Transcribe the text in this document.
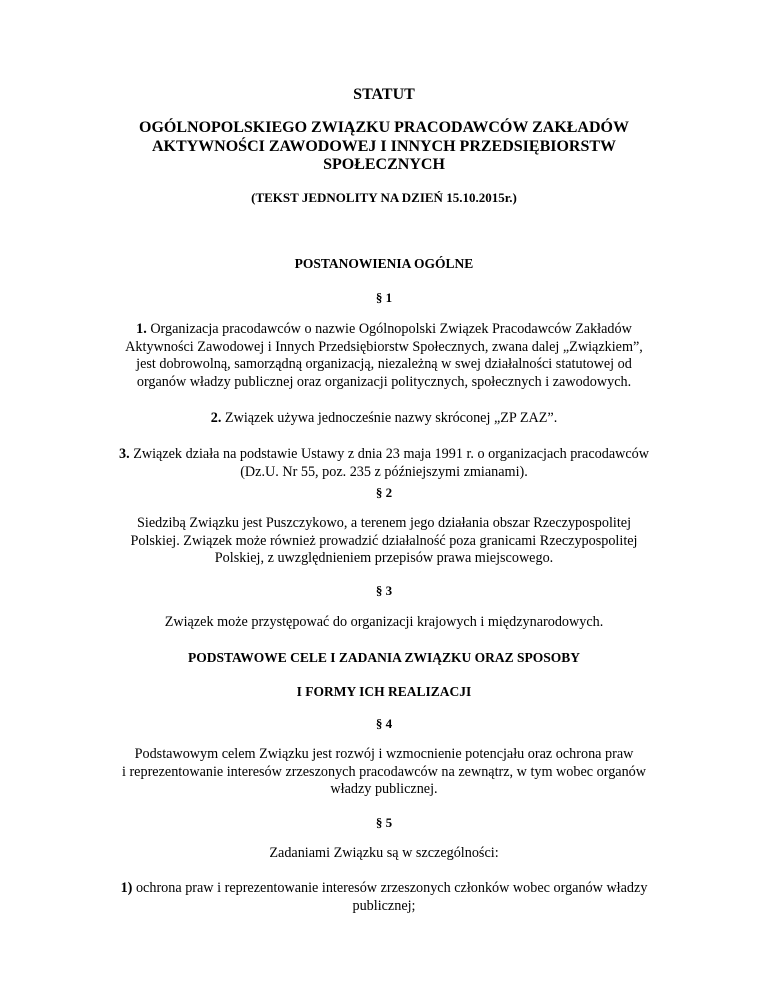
STATUT

OGÓLNOPOLSKIEGO ZWIĄZKU PRACODAWCÓW ZAKŁADÓW
AKTYWNOŚCI ZAWODOWEJ I INNYCH PRZEDSIĘBIORSTW
SPOŁECZNYCH

(TEKST JEDNOLITY NA DZIEŃ 15.10.2015r.)

POSTANOWIENIA OGÓLNE

§ 1

1. Organizacja pracodawców o nazwie Ogólnopolski Związek Pracodawców Zakładów
Aktywności Zawodowej i Innych Przedsiębiorstw Społecznych, zwana dalej „Związkiem”,
jest dobrowolną, samorządną organizacją, niezależną w swej działalności statutowej od
organów władzy publicznej oraz organizacji politycznych, społecznych i zawodowych.
2. Związek używa jednocześnie nazwy skróconej „ZP ZAZ”.
3. Związek działa na podstawie Ustawy z dnia 23 maja 1991 r. o organizacjach pracodawców
(Dz.U. Nr 55, poz. 235 z późniejszymi zmianami).

§ 2

Siedzibą Związku jest Puszczykowo, a terenem jego działania obszar Rzeczypospolitej
Polskiej. Związek może również prowadzić działalność poza granicami Rzeczypospolitej
Polskiej, z uwzględnieniem przepisów prawa miejscowego.

§ 3

Związek może przystępować do organizacji krajowych i międzynarodowych.

PODSTAWOWE CELE I ZADANIA ZWIĄZKU ORAZ SPOSOBY

I FORMY ICH REALIZACJI

§ 4

Podstawowym celem Związku jest rozwój i wzmocnienie potencjału oraz ochrona praw
i reprezentowanie interesów zrzeszonych pracodawców na zewnątrz, w tym wobec organów
władzy publicznej.

§ 5

Zadaniami Związku są w szczególności:
1) ochrona praw i reprezentowanie interesów zrzeszonych członków wobec organów władzy
publicznej;
